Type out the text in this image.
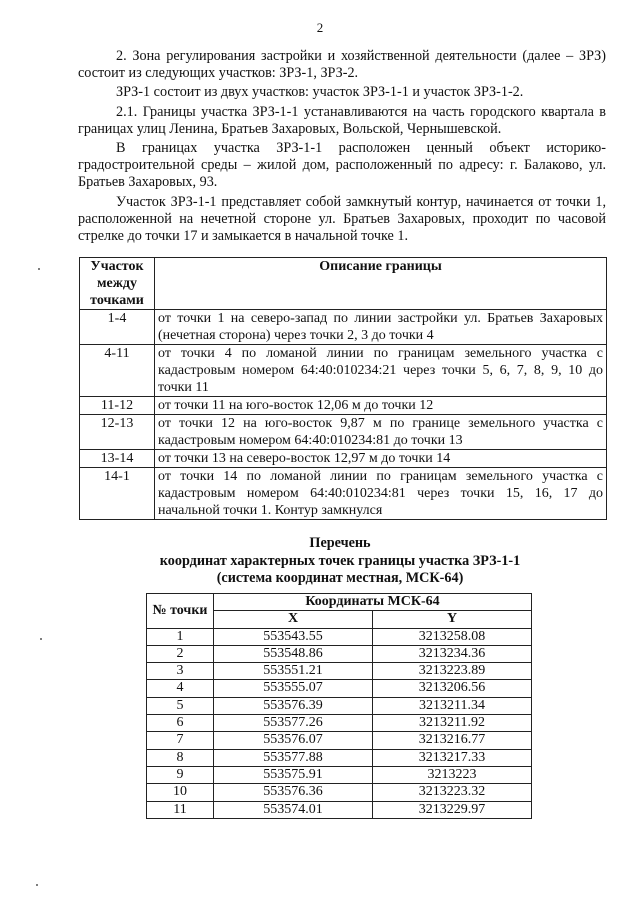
2

2. Зона регулирования застройки и хозяйственной деятельности (далее – ЗРЗ) состоит из следующих участков: ЗРЗ-1, ЗРЗ-2.

ЗРЗ-1 состоит из двух участков: участок ЗРЗ-1-1 и участок ЗРЗ-1-2.

2.1. Границы участка ЗРЗ-1-1 устанавливаются на часть городского квартала в границах улиц Ленина, Братьев Захаровых, Вольской, Чернышевской.

В границах участка ЗРЗ-1-1 расположен ценный объект историко-градостроительной среды – жилой дом, расположенный по адресу: г. Балаково, ул. Братьев Захаровых, 93.

Участок ЗРЗ-1-1 представляет собой замкнутый контур, начинается от точки 1, расположенной на нечетной стороне ул. Братьев Захаровых, проходит по часовой стрелке до точки 17 и замыкается в начальной точке 1.

Участок между точками	Описание границы
1-4	от точки 1 на северо-запад по линии застройки ул. Братьев Захаровых (нечетная сторона) через точки 2, 3 до точки 4
4-11	от точки 4 по ломаной линии по границам земельного участка с кадастровым номером 64:40:010234:21 через точки 5, 6, 7, 8, 9, 10 до точки 11
11-12	от точки 11 на юго-восток 12,06 м до точки 12
12-13	от точки 12 на юго-восток 9,87 м по границе земельного участка с кадастровым номером 64:40:010234:81 до точки 13
13-14	от точки 13 на северо-восток 12,97 м до точки 14
14-1	от точки 14 по ломаной линии по границам земельного участка с кадастровым номером 64:40:010234:81 через точки 15, 16, 17 до начальной точки 1. Контур замкнулся
Перечень
координат характерных точек границы участка ЗРЗ-1-1
(система координат местная, МСК-64)
№ точки	Координаты МСК-64	
	X	Y
1	553543.55	3213258.08
2	553548.86	3213234.36
3	553551.21	3213223.89
4	553555.07	3213206.56
5	553576.39	3213211.34
6	553577.26	3213211.92
7	553576.07	3213216.77
8	553577.88	3213217.33
9	553575.91	3213223
10	553576.36	3213223.32
11	553574.01	3213229.97
